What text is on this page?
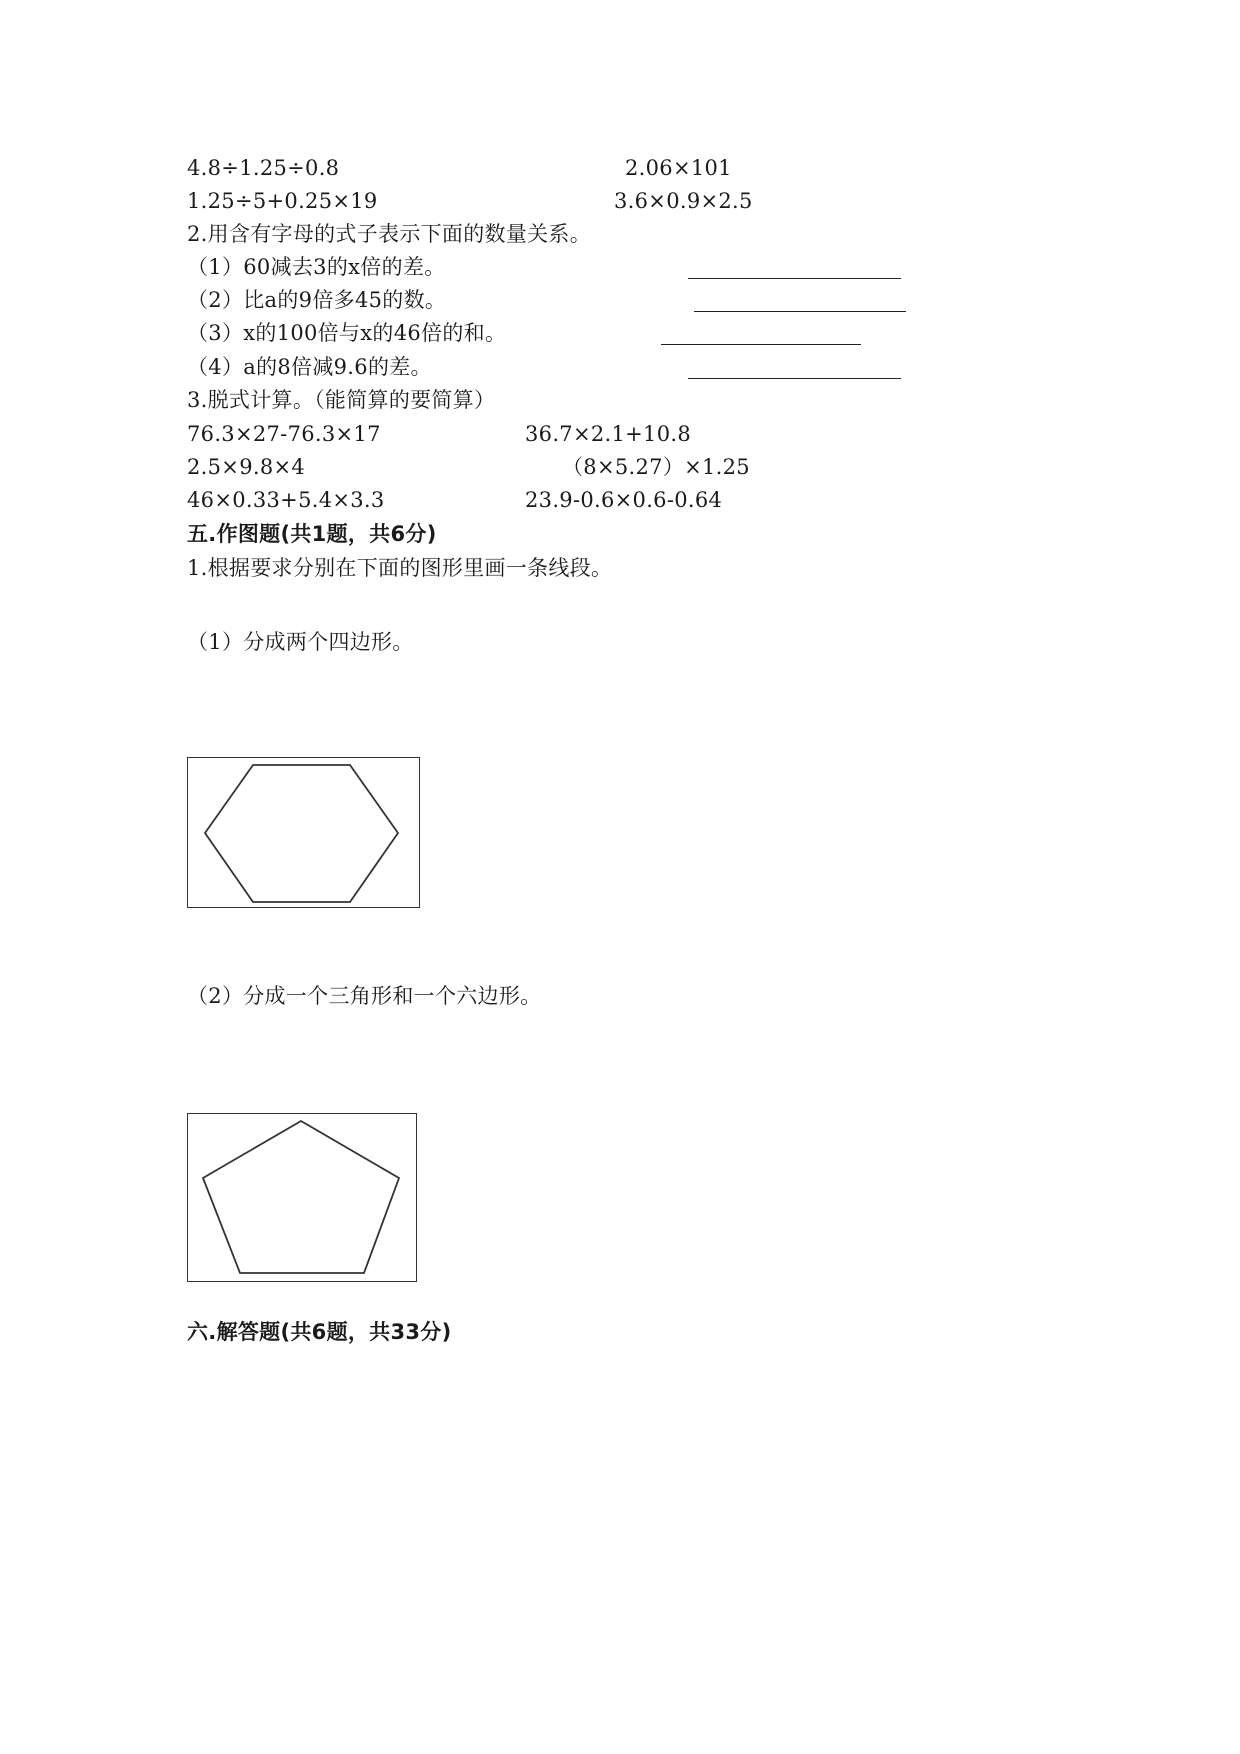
4.8÷1.25÷0.8	2.06×101
1.25÷5+0.25×19	3.6×0.9×2.5
2.用含有字母的式子表示下面的数量关系。
（1）60减去3的x倍的差。
（2）比a的9倍多45的数。
（3）x的100倍与x的46倍的和。
（4）a的8倍减9.6的差。
3.脱式计算。（能简算的要简算）
76.3×27-76.3×17	36.7×2.1+10.8
2.5×9.8×4	（8×5.27）×1.25
46×0.33+5.4×3.3	23.9-0.6×0.6-0.64
五.作图题(共1题，共6分)
1.根据要求分别在下面的图形里画一条线段。
（1）分成两个四边形。
（2）分成一个三角形和一个六边形。
六.解答题(共6题，共33分)
